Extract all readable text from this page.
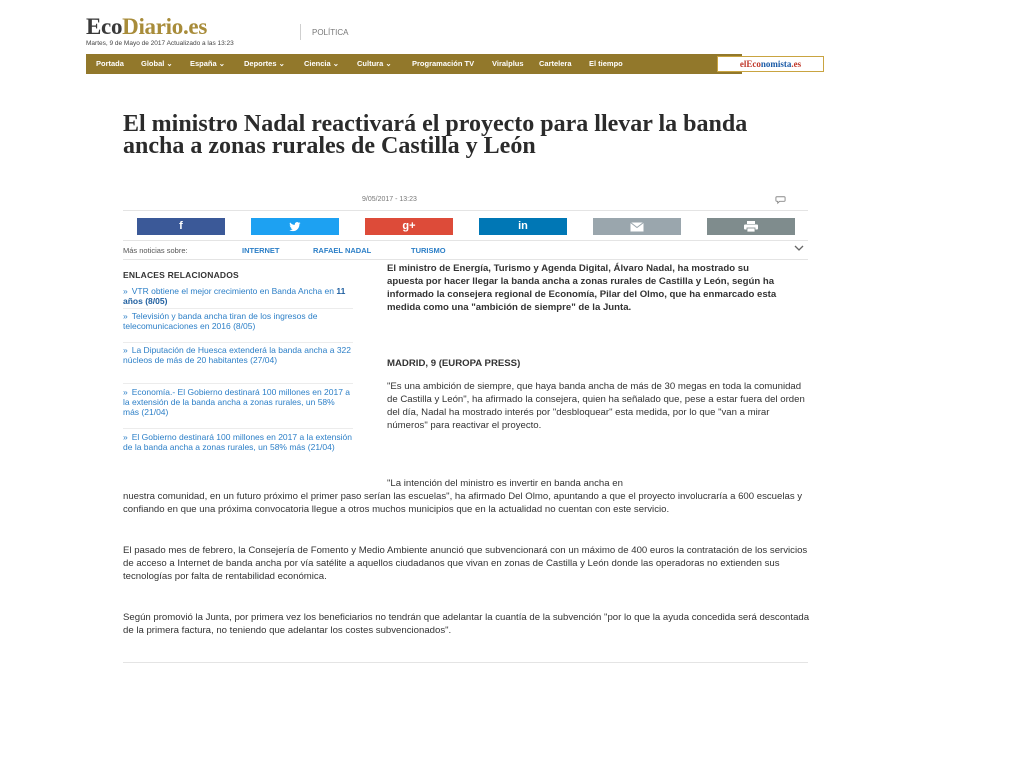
EcoDiario.es
Martes, 9 de Mayo de 2017 Actualizado a las 13:23
POLÍTICA
Portada Global ⌄ España ⌄	Deportes ⌄	Ciencia ⌄ Cultura ⌄	Programación TV Viralplus Cartelera El tiempo	elEconomista.es
El ministro Nadal reactivará el proyecto para llevar la banda ancha a zonas rurales de Castilla y León
9/05/2017 - 13:23
f	g+	in
Más noticias sobre:	INTERNET	RAFAEL NADAL	TURISMO
ENLACES RELACIONADOS
» VTR obtiene el mejor crecimiento en Banda Ancha en 11 años (8/05)
» Televisión y banda ancha tiran de los ingresos de telecomunicaciones en 2016 (8/05)
» La Diputación de Huesca extenderá la banda ancha a 322 núcleos de más de 20 habitantes (27/04)
» Economía.- El Gobierno destinará 100 millones en 2017 a la extensión de la banda ancha a zonas rurales, un 58% más (21/04)
» El Gobierno destinará 100 millones en 2017 a la extensión de la banda ancha a zonas rurales, un 58% más (21/04)
El ministro de Energía, Turismo y Agenda Digital, Álvaro Nadal, ha mostrado su apuesta por hacer llegar la banda ancha a zonas rurales de Castilla y León, según ha informado la consejera regional de Economía, Pilar del Olmo, que ha enmarcado esta medida como una "ambición de siempre" de la Junta.
MADRID, 9 (EUROPA PRESS)
"Es una ambición de siempre, que haya banda ancha de más de 30 megas en toda la comunidad de Castilla y León", ha afirmado la consejera, quien ha señalado que, pese a estar fuera del orden del día, Nadal ha mostrado interés por "desbloquear" esta medida, por lo que "van a mirar números" para reactivar el proyecto.
"La intención del ministro es invertir en banda ancha en
nuestra comunidad, en un futuro próximo el primer paso serían las escuelas", ha afirmado Del Olmo, apuntando a que el proyecto involucraría a 600 escuelas y confiando en que una próxima convocatoria llegue a otros muchos municipios que en la actualidad no cuentan con este servicio.
El pasado mes de febrero, la Consejería de Fomento y Medio Ambiente anunció que subvencionará con un máximo de 400 euros la contratación de los servicios de acceso a Internet de banda ancha por vía satélite a aquellos ciudadanos que vivan en zonas de Castilla y León donde las operadoras no extienden sus tecnologías por falta de rentabilidad económica.
Según promovió la Junta, por primera vez los beneficiarios no tendrán que adelantar la cuantía de la subvención "por lo que la ayuda concedida será descontada de la primera factura, no teniendo que adelantar los costes subvencionados".
